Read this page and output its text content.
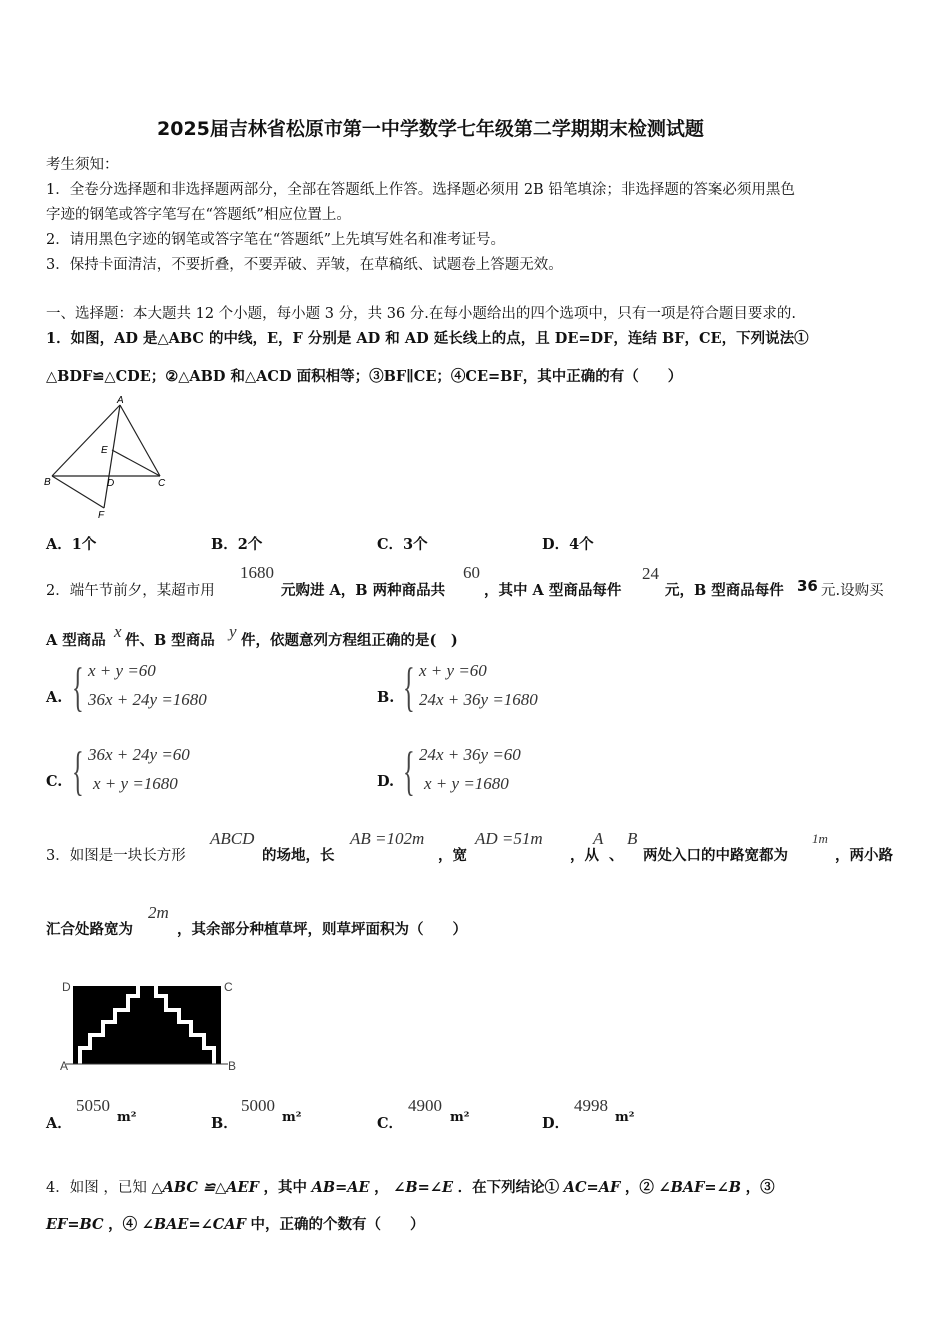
2025届吉林省松原市第一中学数学七年级第二学期期末检测试题
考生须知：
1．全卷分选择题和非选择题两部分，全部在答题纸上作答。选择题必须用 2B 铅笔填涂；非选择题的答案必须用黑色
字迹的钢笔或答字笔写在“答题纸”相应位置上。
2．请用黑色字迹的钢笔或答字笔在“答题纸”上先填写姓名和准考证号。
3．保持卡面清洁，不要折叠，不要弄破、弄皱，在草稿纸、试题卷上答题无效。
一、选择题：本大题共 12 个小题，每小题 3 分，共 36 分.在每小题给出的四个选项中，只有一项是符合题目要求的.
1．如图，AD 是△ABC 的中线，E，F 分别是 AD 和 AD 延长线上的点，且 DE=DF，连结 BF，CE，下列说法①
△BDF≌△CDE；②△ABD 和△ACD 面积相等；③BF∥CE；④CE=BF，其中正确的有（　　）
A
E
B	D	C
F
A．1个	B．2个	C．3个	D．4个
2．端午节前夕，某超市用
1680
元购进 A，B 两种商品共
60
，其中 A 型商品每件
24
元，B 型商品每件 36 元.设购买
A 型商品 x 件、B 型商品 y 件，依题意列方程组正确的是(　)
A. { x + y =60
36x + 24y =1680	B. { x + y =60
24x + 36y =1680
C. { 36x + 24y =60
x + y =1680	D. { 24x + 36y =60
x + y =1680
3．如图是一块长方形
ABCD
的场地，长
AB =102m
，宽
AD =51m
，从
A
、
B
两处入口的中路宽都为
1m
，两小路
汇合处路宽为
2m
，其余部分种植草坪，则草坪面积为（　　）
D	C
A	B
A．
5050
m²	B．
5000
m²	C．
4900
m²	D．
4998
m²
4．如图 ，已知 △ABC ≌△AEF ，其中 AB=AE ， ∠B=∠E ．在下列结论① AC=AF ，② ∠BAF=∠B ，③
EF=BC ，④ ∠BAE=∠CAF 中，正确的个数有（　　）
